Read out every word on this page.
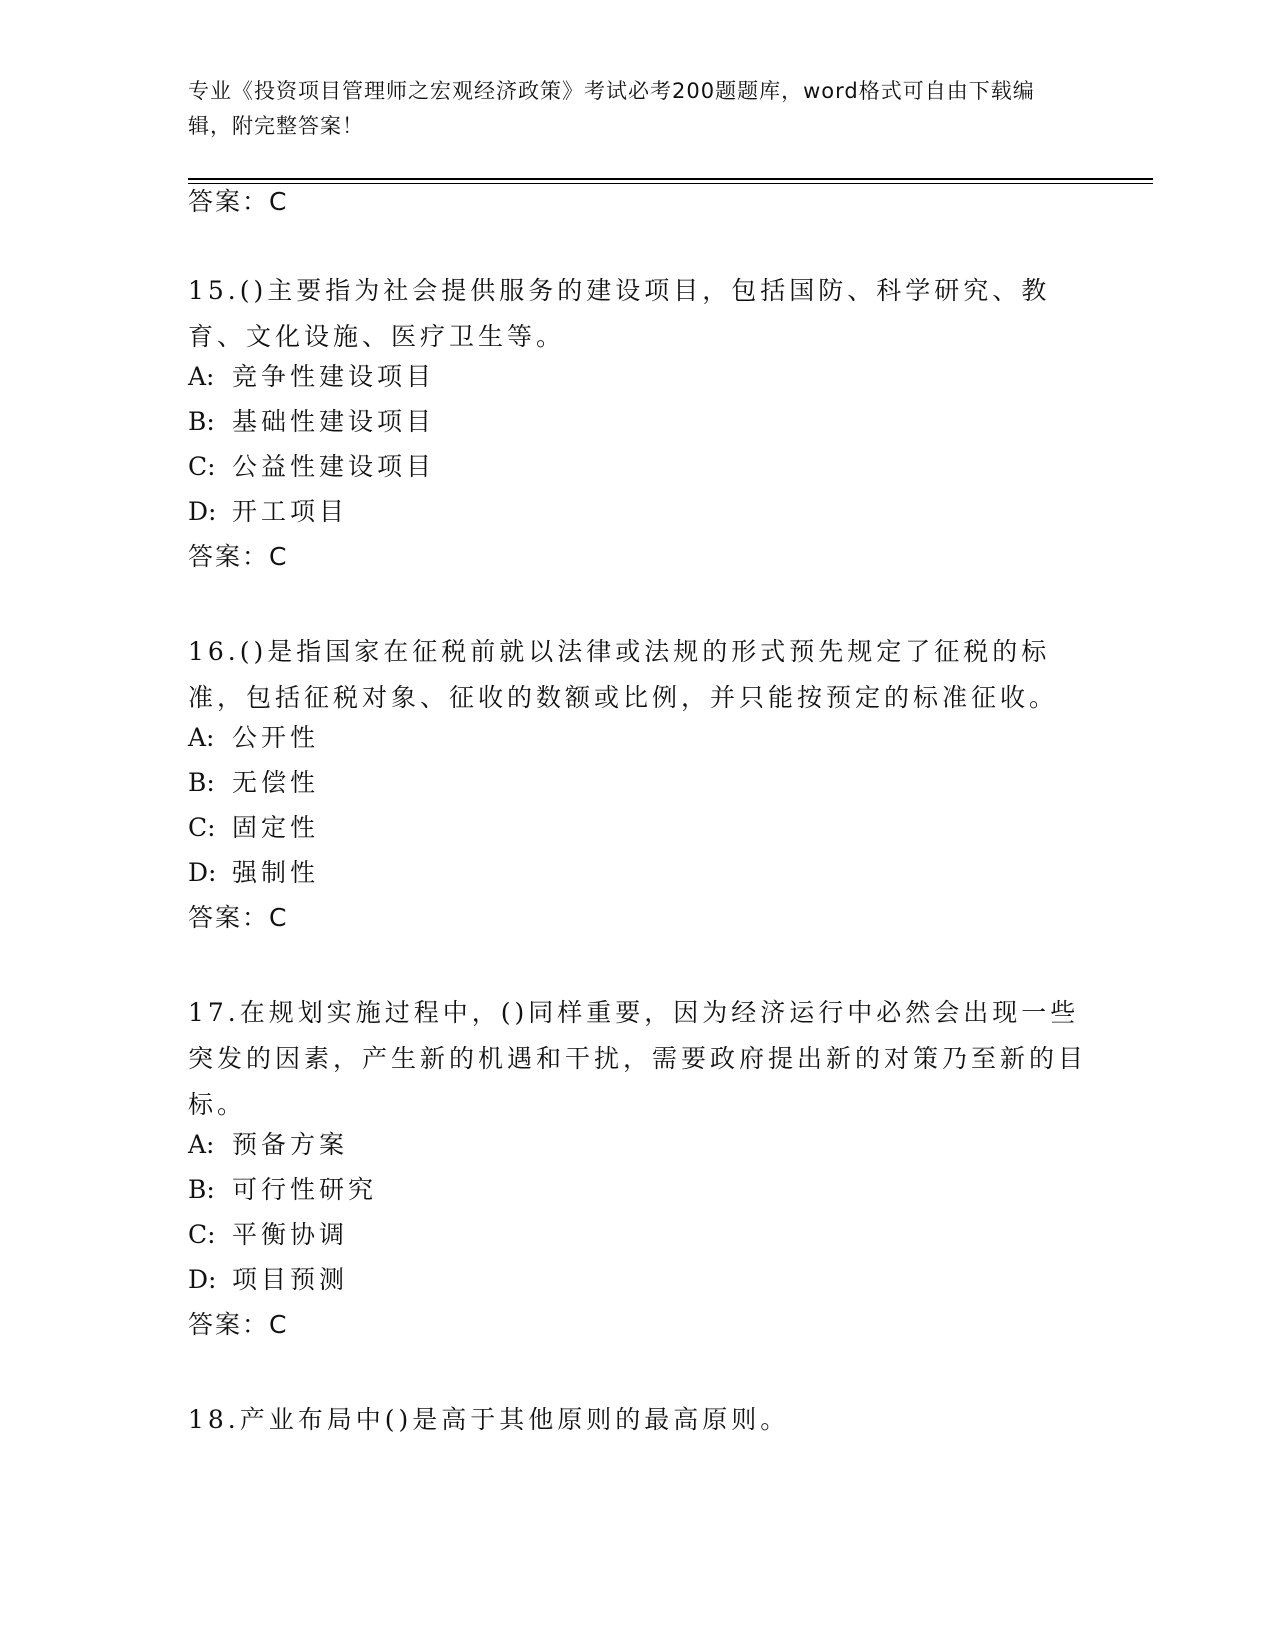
专业《投资项目管理师之宏观经济政策》考试必考200题题库，word格式可自由下载编辑，附完整答案！
答案：C
15.()主要指为社会提供服务的建设项目，包括国防、科学研究、教育、文化设施、医疗卫生等。
A: 竞争性建设项目
B: 基础性建设项目
C: 公益性建设项目
D: 开工项目
答案：C
16.()是指国家在征税前就以法律或法规的形式预先规定了征税的标准，包括征税对象、征收的数额或比例，并只能按预定的标准征收。
A: 公开性
B: 无偿性
C: 固定性
D: 强制性
答案：C
17.在规划实施过程中，()同样重要，因为经济运行中必然会出现一些突发的因素，产生新的机遇和干扰，需要政府提出新的对策乃至新的目标。
A: 预备方案
B: 可行性研究
C: 平衡协调
D: 项目预测
答案：C
18.产业布局中()是高于其他原则的最高原则。
